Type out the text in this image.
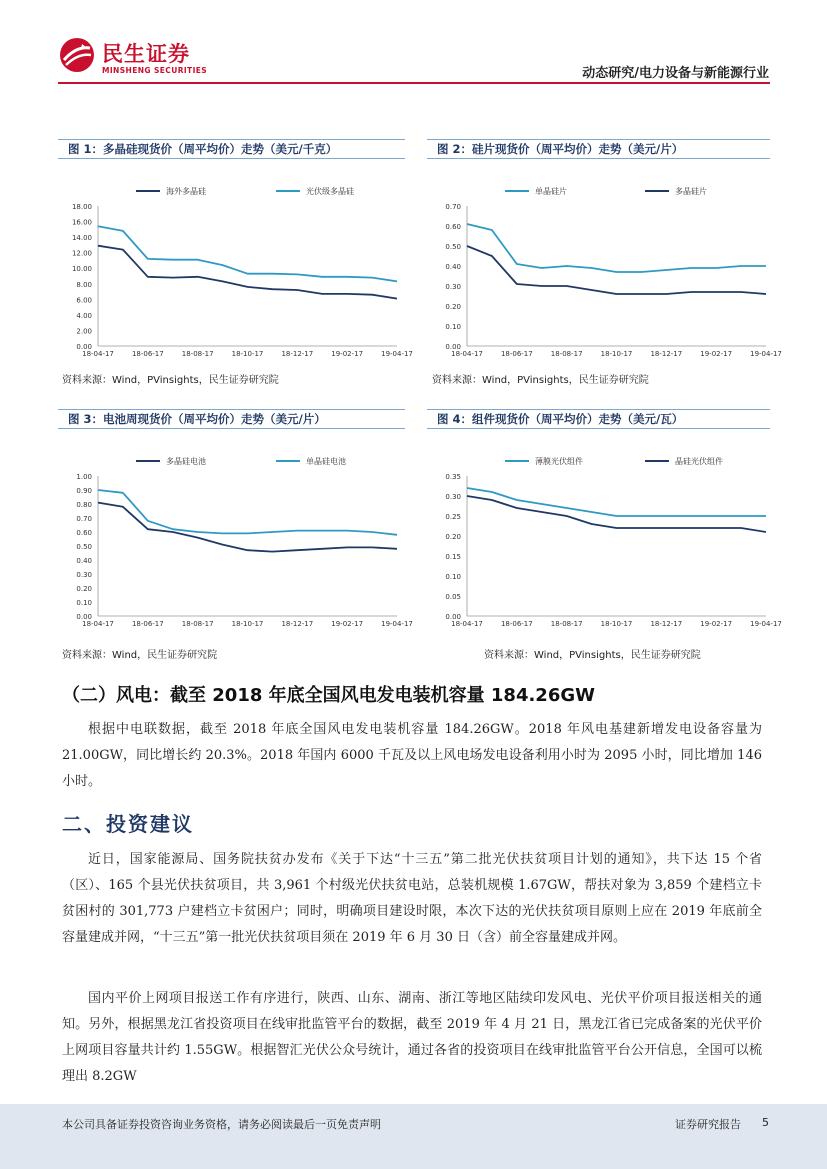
民生证券
MINSHENG SECURITIES	动态研究/电力设备与新能源行业
图 1：多晶硅现货价（周平均价）走势（美元/千克）
海外多晶硅	光伏级多晶硅
0.00
2.00
4.00
6.00
8.00
10.00
12.00
14.00
16.00
18.00
18-04-17	18-06-17	18-08-17	18-10-17	18-12-17	19-02-17	19-04-17
资料来源：Wind，PVinsights，民生证券研究院
图 2：硅片现货价（周平均价）走势（美元/片）
单晶硅片	多晶硅片
0.00
0.10
0.20
0.30
0.40
0.50
0.60
0.70
18-04-17	18-06-17	18-08-17	18-10-17	18-12-17	19-02-17	19-04-17
资料来源：Wind，PVinsights，民生证券研究院
图 3：电池周现货价（周平均价）走势（美元/片）
多晶硅电池	单晶硅电池
0.00
0.10
0.20
0.30
0.40
0.50
0.60
0.70
0.80
0.90
1.00
18-04-17	18-06-17	18-08-17	18-10-17	18-12-17	19-02-17	19-04-17
资料来源：Wind，民生证券研究院
图 4：组件现货价（周平均价）走势（美元/瓦）
薄膜光伏组件	晶硅光伏组件
0.00
0.05
0.10
0.15
0.20
0.25
0.30
0.35
18-04-17	18-06-17	18-08-17	18-10-17	18-12-17	19-02-17	19-04-17
资料来源：Wind，PVinsights，民生证券研究院
（二）风电：截至 2018 年底全国风电发电装机容量 184.26GW
根据中电联数据，截至 2018 年底全国风电发电装机容量 184.26GW。2018 年风电基建新增发电设备容量为 21.00GW，同比增长约 20.3%。2018 年国内 6000 千瓦及以上风电场发电设备利用小时为 2095 小时，同比增加 146 小时。
二、投资建议
近日，国家能源局、国务院扶贫办发布《关于下达“十三五”第二批光伏扶贫项目计划的通知》，共下达 15 个省（区）、165 个县光伏扶贫项目，共 3,961 个村级光伏扶贫电站，总装机规模 1.67GW，帮扶对象为 3,859 个建档立卡贫困村的 301,773 户建档立卡贫困户；同时，明确项目建设时限，本次下达的光伏扶贫项目原则上应在 2019 年底前全容量建成并网，“十三五”第一批光伏扶贫项目须在 2019 年 6 月 30 日（含）前全容量建成并网。
国内平价上网项目报送工作有序进行，陕西、山东、湖南、浙江等地区陆续印发风电、光伏平价项目报送相关的通知。另外，根据黑龙江省投资项目在线审批监管平台的数据，截至 2019 年 4 月 21 日，黑龙江省已完成备案的光伏平价上网项目容量共计约 1.55GW。根据智汇光伏公众号统计，通过各省的投资项目在线审批监管平台公开信息，全国可以梳理出 8.2GW
本公司具备证券投资咨询业务资格，请务必阅读最后一页免责声明	证券研究报告 5
